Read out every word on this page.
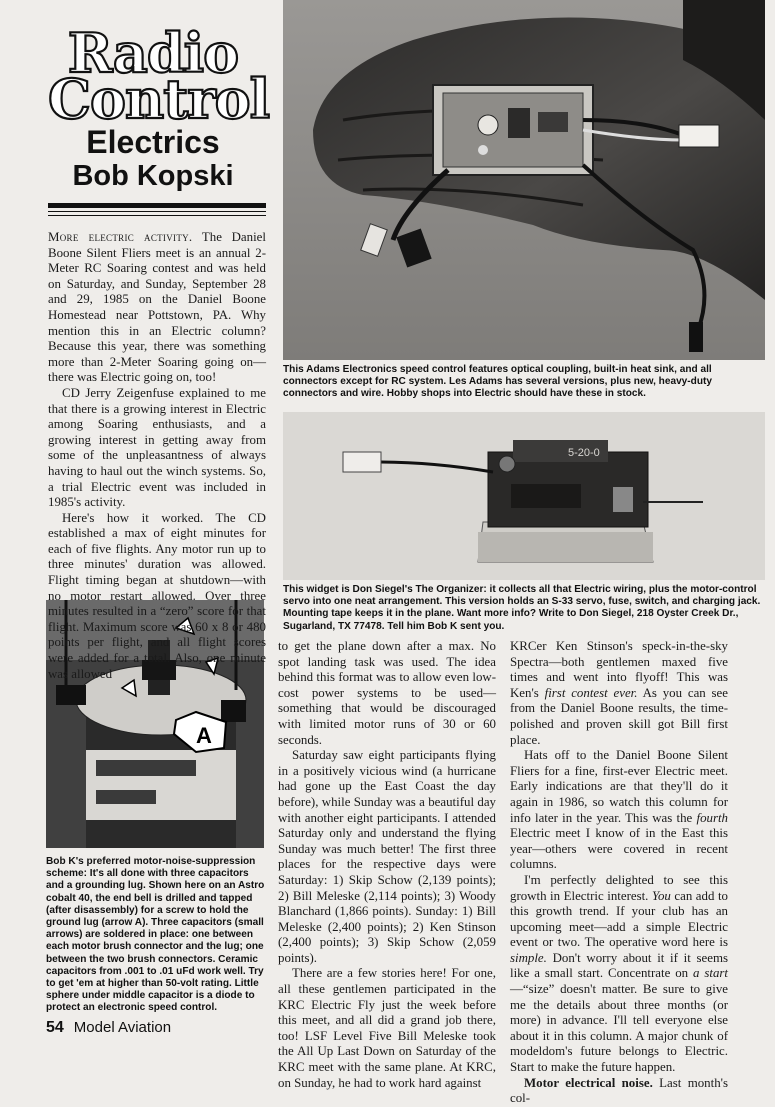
Radio
Control
Electrics
Bob Kopski
This Adams Electronics speed control features optical coupling, built-in heat sink, and all connectors except for RC system. Les Adams has several versions, plus new, heavy-duty connectors and wire. Hobby shops into Electric should have these in stock.
5-20-0
This widget is Don Siegel's The Organizer: it collects all that Electric wiring, plus the motor-control servo into one neat arrangement. This version holds an S-33 servo, fuse, switch, and charging jack. Mounting tape keeps it in the plane. Want more info? Write to Don Siegel, 218 Oyster Creek Dr., Sugarland, TX 77478. Tell him Bob K sent you.
A
Bob K's preferred motor-noise-suppression scheme: It's all done with three capacitors and a grounding lug. Shown here on an Astro cobalt 40, the end bell is drilled and tapped (after disassembly) for a screw to hold the ground lug (arrow A). Three capacitors (small arrows) are soldered in place: one between each motor brush connector and the lug; one between the two brush connectors. Ceramic capacitors from .001 to .01 uFd work well. Try to get 'em at higher than 50-volt rating. Little sphere under middle capacitor is a diode to protect an electronic speed control.

More electric activity. The Daniel Boone Silent Fliers meet is an annual 2-Meter RC Soaring contest and was held on Saturday, and Sunday, September 28 and 29, 1985 on the Daniel Boone Homestead near Pottstown, PA. Why mention this in an Electric column? Because this year, there was something more than 2-Meter Soaring going on—there was Electric going on, too!

CD Jerry Zeigenfuse explained to me that there is a growing interest in Electric among Soaring enthusiasts, and a growing interest in getting away from some of the unpleasantness of always having to haul out the winch systems. So, a trial Electric event was included in 1985's activity.

Here's how it worked. The CD established a max of eight minutes for each of five flights. Any motor run up to three minutes' duration was allowed. Flight timing began at shutdown—with no motor restart allowed. Over three minutes resulted in a “zero” score for that flight. Maximum score was 60 x 8 or 480 points per flight, and all flight scores were added for a total. Also, one minute was allowed

to get the plane down after a max. No spot landing task was used. The idea behind this format was to allow even low-cost power systems to be used—something that would be discouraged with limited motor runs of 30 or 60 seconds.

Saturday saw eight participants flying in a positively vicious wind (a hurricane had gone up the East Coast the day before), while Sunday was a beautiful day with another eight participants. I attended Saturday only and understand the flying Sunday was much better! The first three places for the respective days were Saturday: 1) Skip Schow (2,139 points); 2) Bill Meleske (2,114 points); 3) Woody Blanchard (1,866 points). Sunday: 1) Bill Meleske (2,400 points); 2) Ken Stinson (2,400 points); 3) Skip Schow (2,059 points).

There are a few stories here! For one, all these gentlemen participated in the KRC Electric Fly just the week before this meet, and all did a grand job there, too! LSF Level Five Bill Meleske took the All Up Last Down on Saturday of the KRC meet with the same plane. At KRC, on Sunday, he had to work hard against

KRCer Ken Stinson's speck-in-the-sky Spectra—both gentlemen maxed five times and went into flyoff! This was Ken's first contest ever. As you can see from the Daniel Boone results, the time-polished and proven skill got Bill first place.

Hats off to the Daniel Boone Silent Fliers for a fine, first-ever Electric meet. Early indications are that they'll do it again in 1986, so watch this column for info later in the year. This was the fourth Electric meet I know of in the East this year—others were covered in recent columns.

I'm perfectly delighted to see this growth in Electric interest. You can add to this growth trend. If your club has an upcoming meet—add a simple Electric event or two. The operative word here is simple. Don't worry about it if it seems like a small start. Concentrate on a start—“size” doesn't matter. Be sure to give me the details about three months (or more) in advance. I'll tell everyone else about it in this column. A major chunk of modeldom's future belongs to Electric. Start to make the future happen.

Motor electrical noise. Last month's col-

54 Model Aviation
